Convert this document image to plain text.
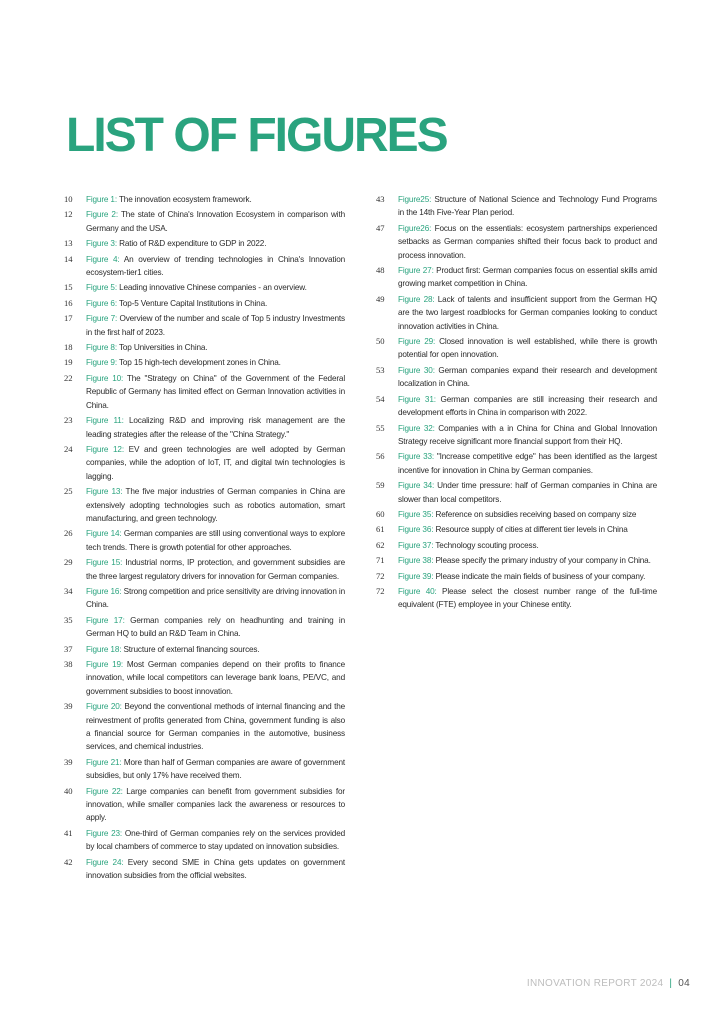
LIST OF FIGURES
10	Figure 1: The innovation ecosystem framework.
12	Figure 2: The state of China's Innovation Ecosystem in comparison with Germany and the USA.
13	Figure 3: Ratio of R&D expenditure to GDP in 2022.
14	Figure 4: An overview of trending technologies in China's Innovation ecosystem-tier1 cities.
15	Figure 5: Leading innovative Chinese companies - an overview.
16	Figure 6: Top-5 Venture Capital Institutions in China.
17	Figure 7: Overview of the number and scale of Top 5 industry Investments in the first half of 2023.
18	Figure 8: Top Universities in China.
19	Figure 9: Top 15 high-tech development zones in China.
22	Figure 10: The "Strategy on China" of the Government of the Federal Republic of Germany has limited effect on German Innovation activities in China.
23	Figure 11: Localizing R&D and improving risk management are the leading strategies after the release of the "China Strategy."
24	Figure 12: EV and green technologies are well adopted by German companies, while the adoption of IoT, IT, and digital twin technologies is lagging.
25	Figure 13: The five major industries of German companies in China are extensively adopting technologies such as robotics automation, smart manufacturing, and green technology.
26	Figure 14: German companies are still using conventional ways to explore tech trends. There is growth potential for other approaches.
29	Figure 15: Industrial norms, IP protection, and government subsidies are the three largest regulatory drivers for innovation for German companies.
34	Figure 16: Strong competition and price sensitivity are driving innovation in China.
35	Figure 17: German companies rely on headhunting and training in German HQ to build an R&D Team in China.
37	Figure 18: Structure of external financing sources.
38	Figure 19: Most German companies depend on their profits to finance innovation, while local competitors can leverage bank loans, PE/VC, and government subsidies to boost innovation.
39	Figure 20: Beyond the conventional methods of internal financing and the reinvestment of profits generated from China, government funding is also a financial source for German companies in the automotive, business services, and chemical industries.
39	Figure 21: More than half of German companies are aware of government subsidies, but only 17% have received them.
40	Figure 22: Large companies can benefit from government subsidies for innovation, while smaller companies lack the awareness or resources to apply.
41	Figure 23: One-third of German companies rely on the services provided by local chambers of commerce to stay updated on innovation subsidies.
42	Figure 24: Every second SME in China gets updates on government innovation subsidies from the official websites.
43	Figure25: Structure of National Science and Technology Fund Programs in the 14th Five-Year Plan period.
47	Figure26: Focus on the essentials: ecosystem partnerships experienced setbacks as German companies shifted their focus back to product and process innovation.
48	Figure 27: Product first: German companies focus on essential skills amid growing market competition in China.
49	Figure 28: Lack of talents and insufficient support from the German HQ are the two largest roadblocks for German companies looking to conduct innovation activities in China.
50	Figure 29: Closed innovation is well established, while there is growth potential for open innovation.
53	Figure 30: German companies expand their research and development localization in China.
54	Figure 31: German companies are still increasing their research and development efforts in China in comparison with 2022.
55	Figure 32: Companies with a in China for China and Global Innovation Strategy receive significant more financial support from their HQ.
56	Figure 33: "Increase competitive edge" has been identified as the largest incentive for innovation in China by German companies.
59	Figure 34: Under time pressure: half of German companies in China are slower than local competitors.
60	Figure 35: Reference on subsidies receiving based on company size
61	Figure 36: Resource supply of cities at different tier levels in China
62	Figure 37: Technology scouting process.
71	Figure 38: Please specify the primary industry of your company in China.
72	Figure 39: Please indicate the main fields of business of your company.
72	Figure 40: Please select the closest number range of the full-time equivalent (FTE) employee in your Chinese entity.
INNOVATION REPORT 2024 | 04
